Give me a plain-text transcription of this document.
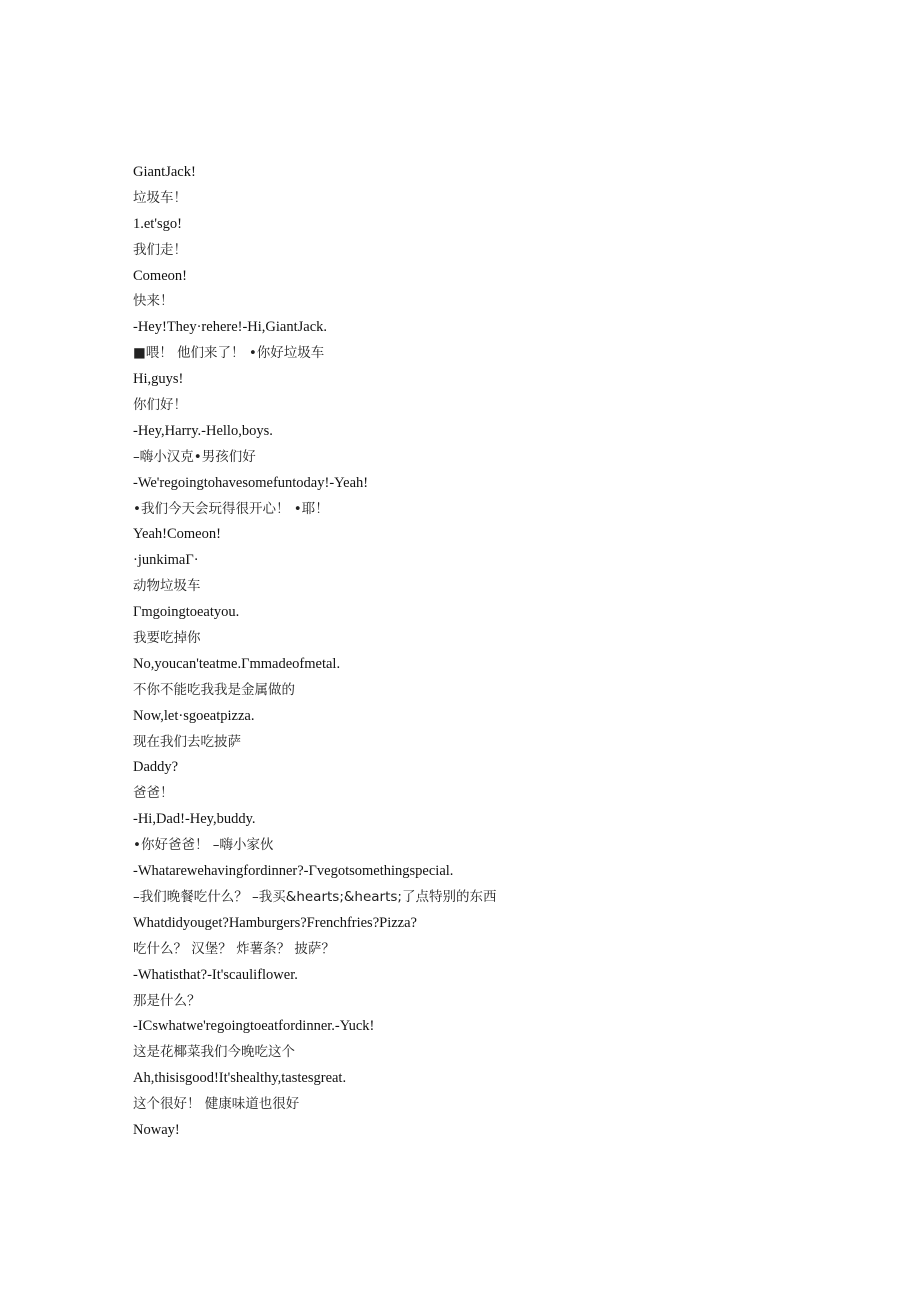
GiantJack!
垃圾车！
1.et'sgo!
我们走！
Comeon!
快来！
-Hey!They·rehere!-Hi,GiantJack.
■喂！ 他们来了！ •你好垃圾车
Hi,guys!
你们好！
-Hey,Harry.-Hello,boys.
–嗨小汉克•男孩们好
-We'regoingtohavesomefuntoday!-Yeah!
•我们今天会玩得很开心！ •耶！
Yeah!Comeon!
·junkimaΓ·
动物垃圾车
Γmgoingtoeatyou.
我要吃掉你
No,youcan'teatme.Γmmadeofmetal.
不你不能吃我我是金属做的
Now,let·sgoeatpizza.
现在我们去吃披萨
Daddy?
爸爸！
-Hi,Dad!-Hey,buddy.
•你好爸爸！ –嗨小家伙
-Whatarewehavingfordinner?-Γvegotsomethingspecial.
–我们晚餐吃什么？ –我买&hearts;&hearts;了点特别的东西
Whatdidyouget?Hamburgers?Frenchfries?Pizza?
吃什么？ 汉堡？ 炸薯条？ 披萨？
-Whatisthat?-It'scauliflower.
那是什么？
-ICswhatwe'regoingtoeatfordinner.-Yuck!
这是花椰菜我们今晚吃这个
Ah,thisisgood!It'shealthy,tastesgreat.
这个很好！ 健康味道也很好
Noway!
